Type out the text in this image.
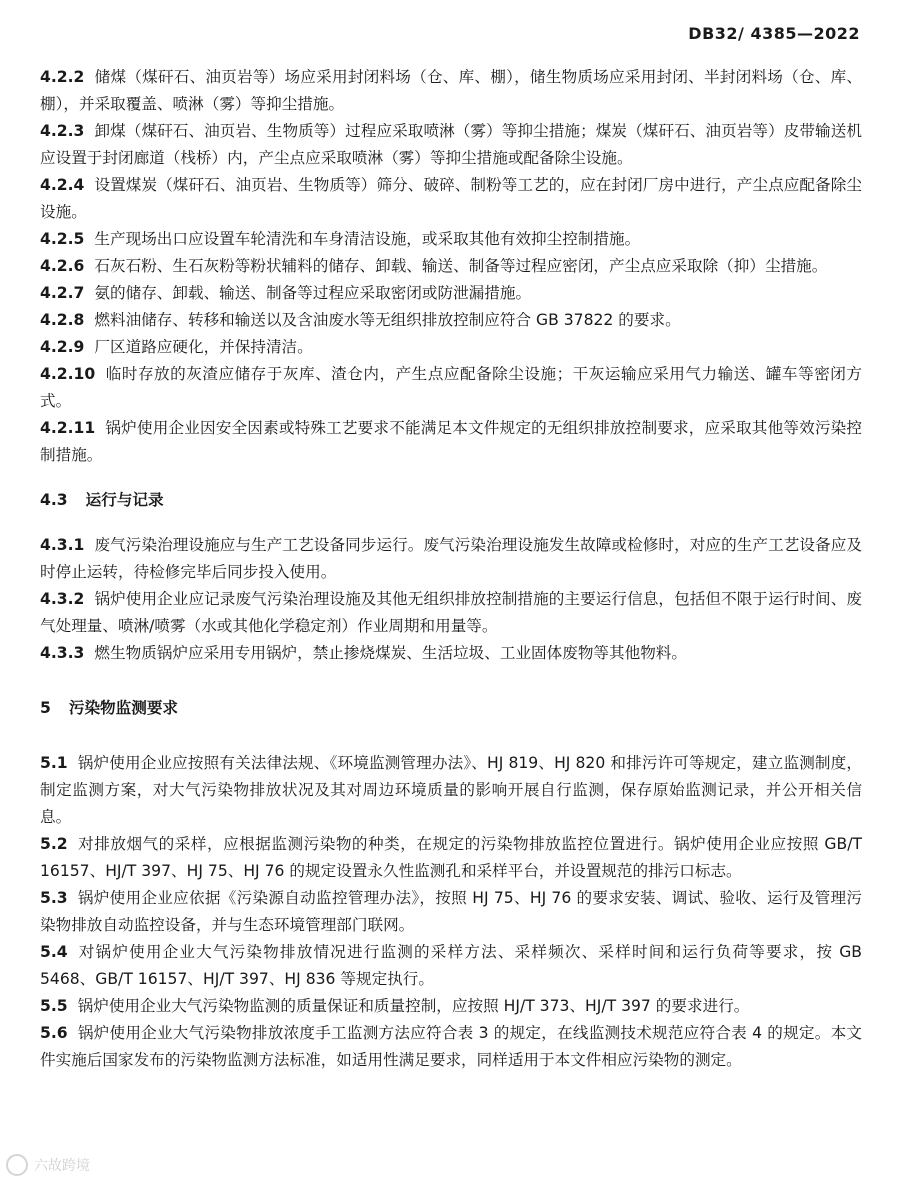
DB32/ 4385—2022

4.2.2 储煤（煤矸石、油页岩等）场应采用封闭料场（仓、库、棚），储生物质场应采用封闭、半封闭料场（仓、库、棚），并采取覆盖、喷淋（雾）等抑尘措施。

4.2.3 卸煤（煤矸石、油页岩、生物质等）过程应采取喷淋（雾）等抑尘措施；煤炭（煤矸石、油页岩等）皮带输送机应设置于封闭廊道（栈桥）内，产尘点应采取喷淋（雾）等抑尘措施或配备除尘设施。

4.2.4 设置煤炭（煤矸石、油页岩、生物质等）筛分、破碎、制粉等工艺的，应在封闭厂房中进行，产尘点应配备除尘设施。

4.2.5 生产现场出口应设置车轮清洗和车身清洁设施，或采取其他有效抑尘控制措施。

4.2.6 石灰石粉、生石灰粉等粉状辅料的储存、卸载、输送、制备等过程应密闭，产尘点应采取除（抑）尘措施。

4.2.7 氨的储存、卸载、输送、制备等过程应采取密闭或防泄漏措施。

4.2.8 燃料油储存、转移和输送以及含油废水等无组织排放控制应符合 GB 37822 的要求。

4.2.9 厂区道路应硬化，并保持清洁。

4.2.10 临时存放的灰渣应储存于灰库、渣仓内，产生点应配备除尘设施；干灰运输应采用气力输送、罐车等密闭方式。

4.2.11 锅炉使用企业因安全因素或特殊工艺要求不能满足本文件规定的无组织排放控制要求，应采取其他等效污染控制措施。

4.3 运行与记录

4.3.1 废气污染治理设施应与生产工艺设备同步运行。废气污染治理设施发生故障或检修时，对应的生产工艺设备应及时停止运转，待检修完毕后同步投入使用。

4.3.2 锅炉使用企业应记录废气污染治理设施及其他无组织排放控制措施的主要运行信息，包括但不限于运行时间、废气处理量、喷淋/喷雾（水或其他化学稳定剂）作业周期和用量等。

4.3.3 燃生物质锅炉应采用专用锅炉，禁止掺烧煤炭、生活垃圾、工业固体废物等其他物料。

5 污染物监测要求

5.1 锅炉使用企业应按照有关法律法规、《环境监测管理办法》、HJ 819、HJ 820 和排污许可等规定，建立监测制度，制定监测方案，对大气污染物排放状况及其对周边环境质量的影响开展自行监测，保存原始监测记录，并公开相关信息。

5.2 对排放烟气的采样，应根据监测污染物的种类，在规定的污染物排放监控位置进行。锅炉使用企业应按照 GB/T 16157、HJ/T 397、HJ 75、HJ 76 的规定设置永久性监测孔和采样平台，并设置规范的排污口标志。

5.3 锅炉使用企业应依据《污染源自动监控管理办法》，按照 HJ 75、HJ 76 的要求安装、调试、验收、运行及管理污染物排放自动监控设备，并与生态环境管理部门联网。

5.4 对锅炉使用企业大气污染物排放情况进行监测的采样方法、采样频次、采样时间和运行负荷等要求，按 GB 5468、GB/T 16157、HJ/T 397、HJ 836 等规定执行。

5.5 锅炉使用企业大气污染物监测的质量保证和质量控制，应按照 HJ/T 373、HJ/T 397 的要求进行。

5.6 锅炉使用企业大气污染物排放浓度手工监测方法应符合表 3 的规定，在线监测技术规范应符合表 4 的规定。本文件实施后国家发布的污染物监测方法标准，如适用性满足要求，同样适用于本文件相应污染物的测定。

六故跨境
